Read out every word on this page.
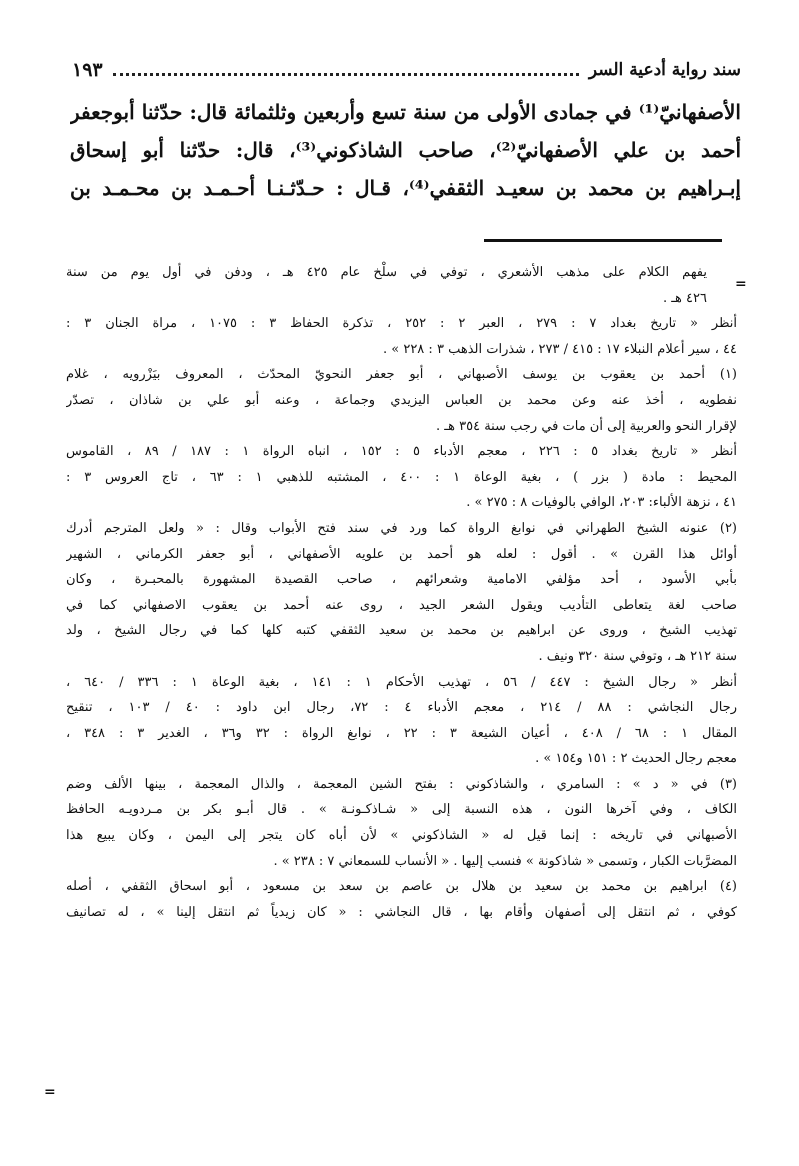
سند رواية أدعية السر
١٩٣
الأصفهانيّ⁽¹⁾ في جمادى الأولى من سنة تسع وأربعين وثلثمائة قال: حدّثنا أبوجعفر
أحمد بن علي الأصفهانيّ⁽²⁾، صاحب الشاذكوني⁽³⁾، قال: حدّثنا أبو إسحاق
إبـراهيم بن محمد بن سعيـد الثقفي⁽⁴⁾، قـال : حـدّثـنـا أحـمـد بن محـمـد بن
=
يفهم الكلام على مذهب الأشعري ، توفي في سلْخ عام ٤٢٥ هـ ، ودفن في أول يوم من سنة
٤٢٦ هـ .
أنظر « تاريخ بغداد ٧ : ٢٧٩ ، العبر ٢ : ٢٥٢ ، تذكرة الحفاظ ٣ : ١٠٧٥ ، مراة الجنان ٣ :
٤٤ ، سير أعلام النبلاء ١٧ : ٤١٥ / ٢٧٣ ، شذرات الذهب ٣ : ٢٢٨ » .
(١) أحمد بن يعقوب بن يوسف الأصبهاني ، أبو جعفر النحويّ المحدّث ، المعروف بيَزْرويه ، غلام
نفطويه ، أخذ عنه وعن محمد بن العباس اليزيدي وجماعة ، وعنه أبو علي بن شاذان ، تصدّر
لإقرار النحو والعربية إلى أن مات في رجب سنة ٣٥٤ هـ .
أنظر « تاريخ بغداد ٥ : ٢٢٦ ، معجم الأدباء ٥ : ١٥٢ ، انباه الرواة ١ : ١٨٧ / ٨٩ ، القاموس
المحيط : مادة ( بزر ) ، بغية الوعاة ١ : ٤٠٠ ، المشتبه للذهبي ١ : ٦٣ ، تاج العروس ٣ :
٤١ ، نزهة الألباء: ٢٠٣، الوافي بالوفيات ٨ : ٢٧٥ » .
(٢) عنونه الشيخ الطهراني في نوابغ الرواة كما ورد في سند فتح الأبواب وقال : « ولعل المترجم أدرك
أوائل هذا القرن » . أقول : لعله هو أحمد بن علويه الأصفهاني ، أبو جعفر الكرماني ، الشهير
بأبي الأسود ، أحد مؤلفي الامامية وشعرائهم ، صاحب القصيدة المشهورة بالمحبـرة ، وكان
صاحب لغة يتعاطى التأديب ويقول الشعر الجيد ، روى عنه أحمد بن يعقوب الاصفهاني كما في
تهذيب الشيخ ، وروى عن ابراهيم بن محمد بن سعيد الثقفي كتبه كلها كما في رجال الشيخ ، ولد
سنة ٢١٢ هـ ، وتوفي سنة ٣٢٠ ونيف .
أنظر « رجال الشيخ : ٤٤٧ / ٥٦ ، تهذيب الأحكام ١ : ١٤١ ، بغية الوعاة ١ : ٣٣٦ / ٦٤٠ ،
رجال النجاشي : ٨٨ / ٢١٤ ، معجم الأدباء ٤ : ٧٢، رجال ابن داود : ٤٠ / ١٠٣ ، تنقيح
المقال ١ : ٦٨ / ٤٠٨ ، أعيان الشيعة ٣ : ٢٢ ، نوابغ الرواة : ٣٢ و٣٦ ، الغدير ٣ : ٣٤٨ ،
معجم رجال الحديث ٢ : ١٥١ و١٥٤ » .
(٣) في « د » : السامري ، والشاذكوني : بفتح الشين المعجمة ، والذال المعجمة ، بينها الألف وضم
الكاف ، وفي آخرها النون ، هذه النسبة إلى « شـاذكـونـة » . قال أبـو بكر بن مـردويـه الحافظ
الأصبهاني في تاريخه : إنما قيل له « الشاذكوني » لأن أباه كان يتجر إلى اليمن ، وكان يبيع هذا
المضرَّبات الكبار ، وتسمى « شاذكونة » فنسب إليها . « الأنساب للسمعاني ٧ : ٢٣٨ » .
(٤) ابراهيم بن محمد بن سعيد بن هلال بن عاصم بن سعد بن مسعود ، أبو اسحاق الثقفي ، أصله
كوفي ، ثم انتقل إلى أصفهان وأقام بها ، قال النجاشي : « كان زيدياً ثم انتقل إلينا » ، له تصانيف
=
